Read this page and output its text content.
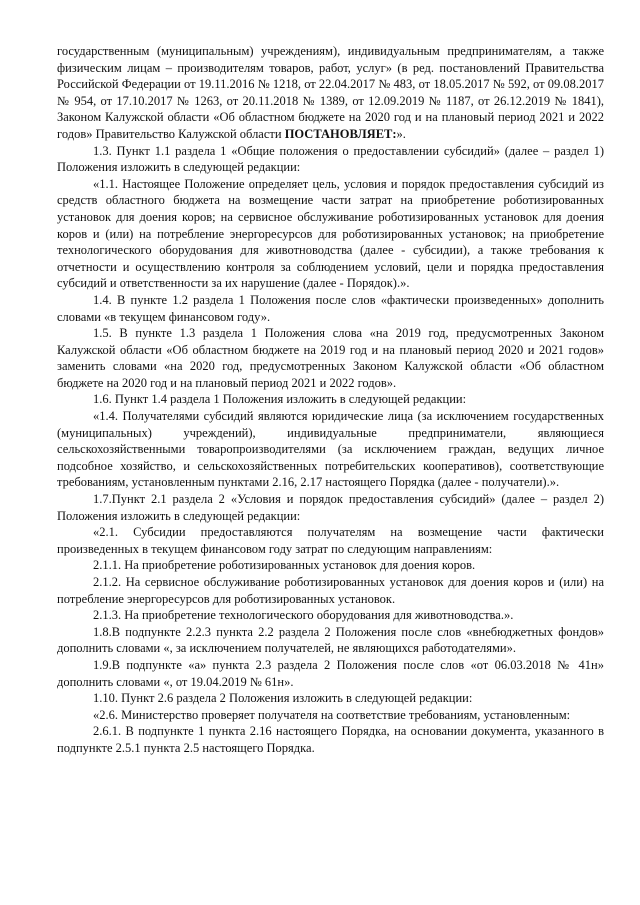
государственным (муниципальным) учреждениям), индивидуальным предпринимателям, а также физическим лицам – производителям товаров, работ, услуг» (в ред. постановлений Правительства Российской Федерации от 19.11.2016 № 1218, от 22.04.2017 № 483, от 18.05.2017 № 592, от 09.08.2017 № 954, от 17.10.2017 № 1263, от 20.11.2018 № 1389, от 12.09.2019 № 1187, от 26.12.2019 № 1841), Законом Калужской области «Об областном бюджете на 2020 год и на плановый период 2021 и 2022 годов» Правительство Калужской области ПОСТАНОВЛЯЕТ:».

1.3. Пункт 1.1 раздела 1 «Общие положения о предоставлении субсидий» (далее – раздел 1) Положения изложить в следующей редакции:

«1.1. Настоящее Положение определяет цель, условия и порядок предоставления субсидий из средств областного бюджета на возмещение части затрат на приобретение роботизированных установок для доения коров; на сервисное обслуживание роботизированных установок для доения коров и (или) на потребление энергоресурсов для роботизированных установок; на приобретение технологического оборудования для животноводства (далее - субсидии), а также требования к отчетности и осуществлению контроля за соблюдением условий, цели и порядка предоставления субсидий и ответственности за их нарушение (далее - Порядок).».

1.4. В пункте 1.2 раздела 1 Положения после слов «фактически произведенных» дополнить словами «в текущем финансовом году».

1.5. В пункте 1.3 раздела 1 Положения слова «на 2019 год, предусмотренных Законом Калужской области «Об областном бюджете на 2019 год и на плановый период 2020 и 2021 годов» заменить словами «на 2020 год, предусмотренных Законом Калужской области «Об областном бюджете на 2020 год и на плановый период 2021 и 2022 годов».

1.6. Пункт 1.4 раздела 1 Положения изложить в следующей редакции:

«1.4. Получателями субсидий являются юридические лица (за исключением государственных (муниципальных) учреждений), индивидуальные предприниматели, являющиеся сельскохозяйственными товаропроизводителями (за исключением граждан, ведущих личное подсобное хозяйство, и сельскохозяйственных потребительских кооперативов), соответствующие требованиям, установленным пунктами 2.16, 2.17 настоящего Порядка (далее - получатели).».

1.7.Пункт 2.1 раздела 2 «Условия и порядок предоставления субсидий» (далее – раздел 2) Положения изложить в следующей редакции:

«2.1. Субсидии предоставляются получателям на возмещение части фактически произведенных в текущем финансовом году затрат по следующим направлениям:

2.1.1. На приобретение роботизированных установок для доения коров.

2.1.2. На сервисное обслуживание роботизированных установок для доения коров и (или) на потребление энергоресурсов для роботизированных установок.

2.1.3. На приобретение технологического оборудования для животноводства.».

1.8.В подпункте 2.2.3 пункта 2.2 раздела 2 Положения после слов «внебюджетных фондов» дополнить словами «, за исключением получателей, не являющихся работодателями».

1.9.В подпункте «а» пункта 2.3 раздела 2 Положения после слов «от 06.03.2018 № 41н» дополнить словами «, от 19.04.2019 № 61н».

1.10. Пункт 2.6 раздела 2 Положения изложить в следующей редакции:

«2.6. Министерство проверяет получателя на соответствие требованиям, установленным:

2.6.1. В подпункте 1 пункта 2.16 настоящего Порядка, на основании документа, указанного в подпункте 2.5.1 пункта 2.5 настоящего Порядка.
